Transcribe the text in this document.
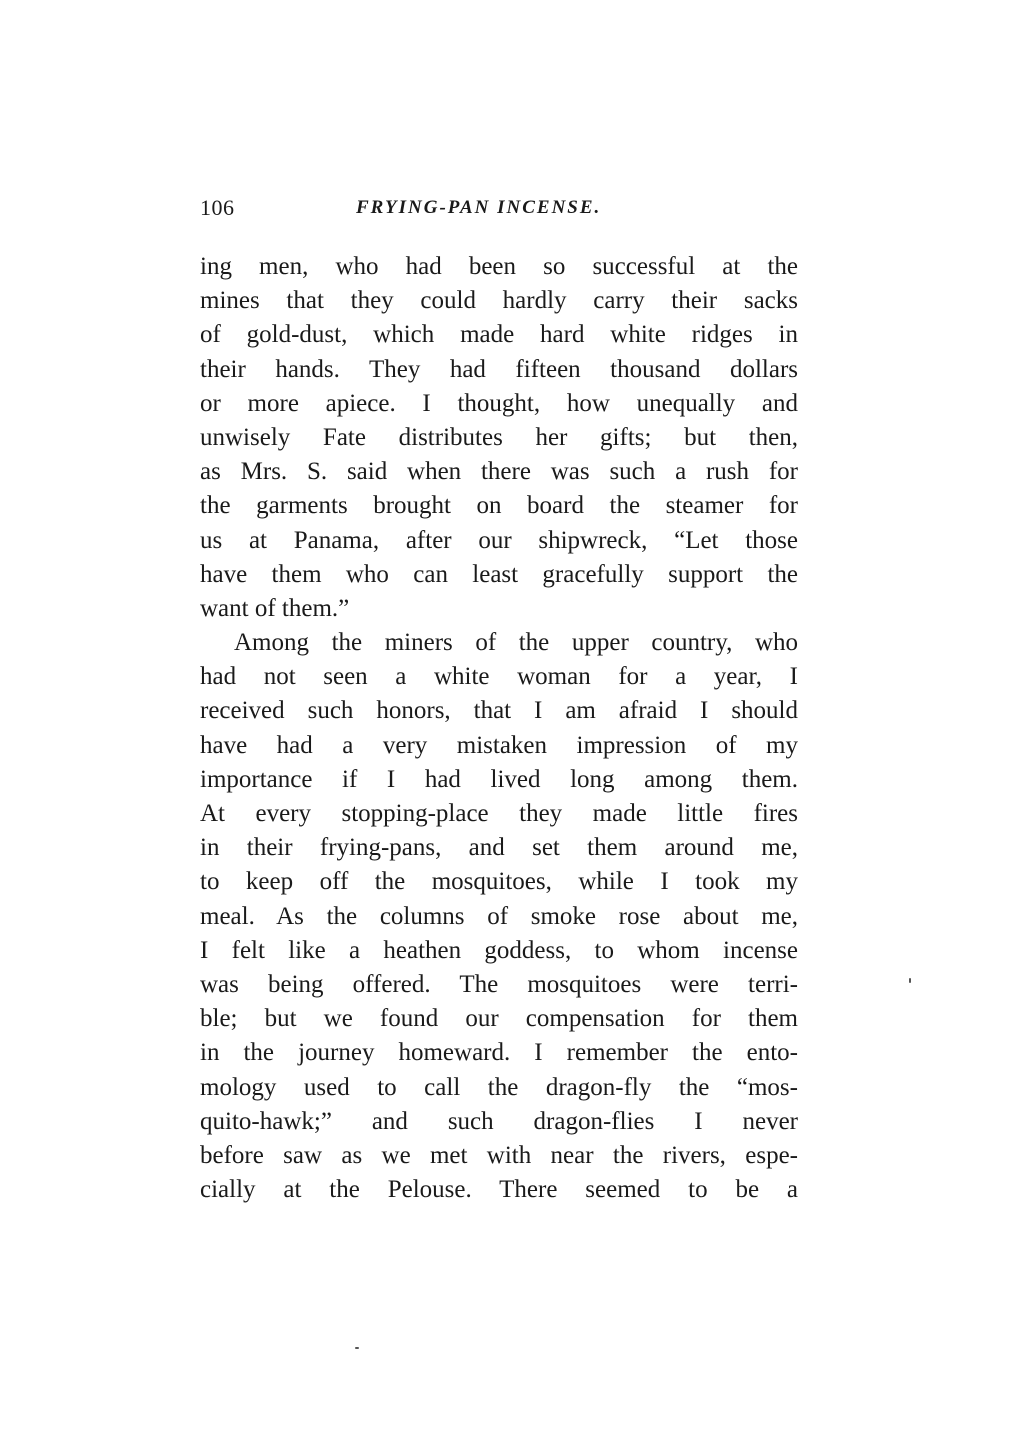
106	FRYING-PAN INCENSE.
ing men, who had been so successful at the
mines that they could hardly carry their sacks
of gold-dust, which made hard white ridges in
their hands. They had fifteen thousand dollars
or more apiece. I thought, how unequally and
unwisely Fate distributes her gifts; but then,
as Mrs. S. said when there was such a rush for
the garments brought on board the steamer for
us at Panama, after our shipwreck, “Let those
have them who can least gracefully support the
want of them.”
Among the miners of the upper country, who
had not seen a white woman for a year, I
received such honors, that I am afraid I should
have had a very mistaken impression of my
importance if I had lived long among them.
At every stopping-place they made little fires
in their frying-pans, and set them around me,
to keep off the mosquitoes, while I took my
meal. As the columns of smoke rose about me,
I felt like a heathen goddess, to whom incense
was being offered. The mosquitoes were terri-
ble; but we found our compensation for them
in the journey homeward. I remember the ento-
mology used to call the dragon-fly the “mos-
quito-hawk;” and such dragon-flies I never
before saw as we met with near the rivers, espe-
cially at the Pelouse. There seemed to be a
